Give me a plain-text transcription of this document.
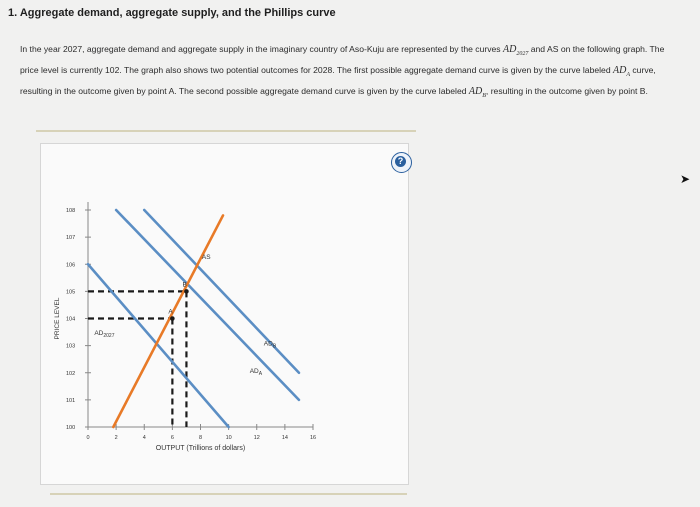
1. Aggregate demand, aggregate supply, and the Phillips curve

In the year 2027, aggregate demand and aggregate supply in the imaginary country of Aso-Kuju are represented by the curves $AD_{2027}$ and AS on the following graph. The price level is currently 102. The graph also shows two potential outcomes for 2028. The first possible aggregate demand curve is given by the curve labeled $AD_A$ curve, resulting in the outcome given by point A. The second possible aggregate demand curve is given by the curve labeled $AD_B$, resulting in the outcome given by point B.

100
101
102
103
104
105
106
107
108
0	2	4	6	8	10	12	14	16
OUTPUT (Trillions of dollars)
PRICE LEVEL	$AD_{2027}$
$AD_A$
$AD_B$
AS
A
B
?
➤
